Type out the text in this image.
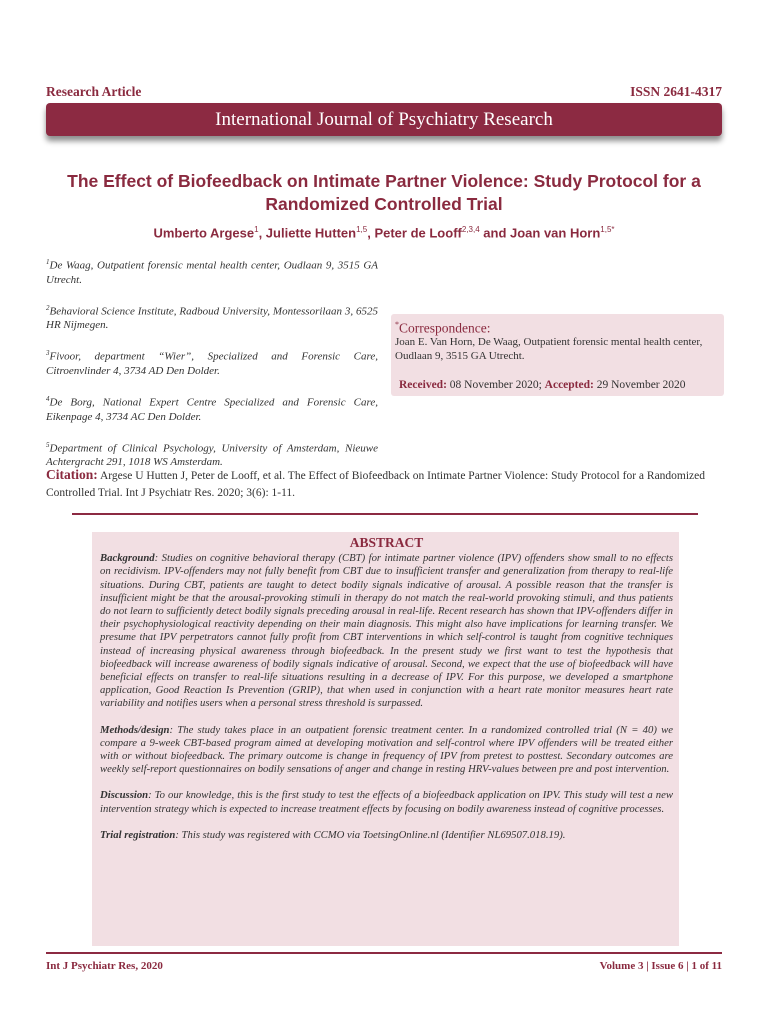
Research Article	ISSN 2641-4317
International Journal of Psychiatry Research
The Effect of Biofeedback on Intimate Partner Violence: Study Protocol for a Randomized Controlled Trial
Umberto Argese$^1$, Juliette Hutten$^{1,5}$, Peter de Looff$^{2,3,4}$ and Joan van Horn$^{1,5*}$
$^1$De Waag, Outpatient forensic mental health center, Oudlaan 9, 3515 GA Utrecht.
$^2$Behavioral Science Institute, Radboud University, Montessorilaan 3, 6525 HR Nijmegen.
$^3$Fivoor, department “Wier”, Specialized and Forensic Care, Citroenvlinder 4, 3734 AD Den Dolder.
$^4$De Borg, National Expert Centre Specialized and Forensic Care, Eikenpage 4, 3734 AC Den Dolder.
$^5$Department of Clinical Psychology, University of Amsterdam, Nieuwe Achtergracht 291, 1018 WS Amsterdam.
*Correspondence:
Joan E. Van Horn, De Waag, Outpatient forensic mental health center, Oudlaan 9, 3515 GA Utrecht.
Received: 08 November 2020; Accepted: 29 November 2020
Citation: Argese U Hutten J, Peter de Looff, et al. The Effect of Biofeedback on Intimate Partner Violence: Study Protocol for a Randomized Controlled Trial. Int J Psychiatr Res. 2020; 3(6): 1-11.
ABSTRACT

Background: Studies on cognitive behavioral therapy (CBT) for intimate partner violence (IPV) offenders show small to no effects on recidivism. IPV-offenders may not fully benefit from CBT due to insufficient transfer and generalization from therapy to real-life situations. During CBT, patients are taught to detect bodily signals indicative of arousal. A possible reason that the transfer is insufficient might be that the arousal-provoking stimuli in therapy do not match the real-world provoking stimuli, and thus patients do not learn to sufficiently detect bodily signals preceding arousal in real-life. Recent research has shown that IPV-offenders differ in their psychophysiological reactivity depending on their main diagnosis. This might also have implications for learning transfer. We presume that IPV perpetrators cannot fully profit from CBT interventions in which self-control is taught from cognitive techniques instead of increasing physical awareness through biofeedback. In the present study we first want to test the hypothesis that biofeedback will increase awareness of bodily signals indicative of arousal. Second, we expect that the use of biofeedback will have beneficial effects on transfer to real-life situations resulting in a decrease of IPV. For this purpose, we developed a smartphone application, Good Reaction Is Prevention (GRIP), that when used in conjunction with a heart rate monitor measures heart rate variability and notifies users when a personal stress threshold is surpassed.

Methods/design: The study takes place in an outpatient forensic treatment center. In a randomized controlled trial (N = 40) we compare a 9-week CBT-based program aimed at developing motivation and self-control where IPV offenders will be treated either with or without biofeedback. The primary outcome is change in frequency of IPV from pretest to posttest. Secondary outcomes are weekly self-report questionnaires on bodily sensations of anger and change in resting HRV-values between pre and post intervention.

Discussion: To our knowledge, this is the first study to test the effects of a biofeedback application on IPV. This study will test a new intervention strategy which is expected to increase treatment effects by focusing on bodily awareness instead of cognitive processes.

Trial registration: This study was registered with CCMO via ToetsingOnline.nl (Identifier NL69507.018.19).

Int J Psychiatr Res, 2020	Volume 3 | Issue 6 | 1 of 11
